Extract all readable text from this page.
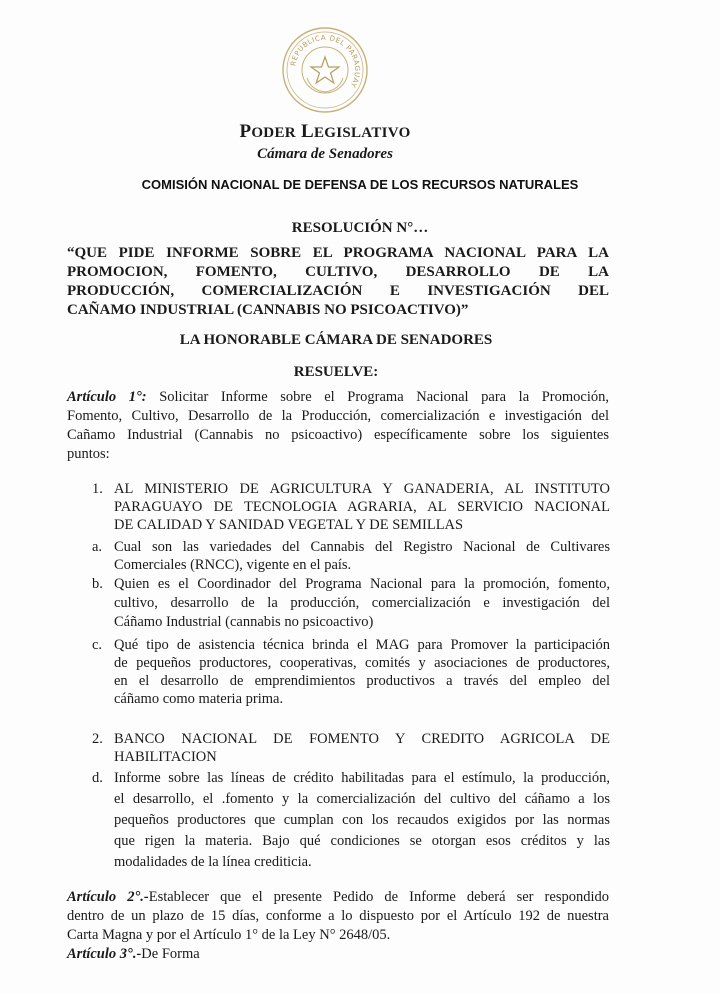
REPÚBLICA DEL PARAGUAY
PODER LEGISLATIVO
Cámara de Senadores
COMISIÓN NACIONAL DE DEFENSA DE LOS RECURSOS NATURALES
RESOLUCIÓN N°…
“QUE PIDE INFORME SOBRE EL PROGRAMA NACIONAL PARA LA
PROMOCION, FOMENTO, CULTIVO, DESARROLLO DE LA
PRODUCCIÓN, COMERCIALIZACIÓN E INVESTIGACIÓN DEL
CAÑAMO INDUSTRIAL (CANNABIS NO PSICOACTIVO)”
LA HONORABLE CÁMARA DE SENADORES
RESUELVE:
Artículo 1°: Solicitar Informe sobre el Programa Nacional para la Promoción,
Fomento, Cultivo, Desarrollo de la Producción, comercialización e investigación del
Cañamo Industrial (Cannabis no psicoactivo) específicamente sobre los siguientes
puntos:
1. AL MINISTERIO DE AGRICULTURA Y GANADERIA, AL INSTITUTO
PARAGUAYO DE TECNOLOGIA AGRARIA, AL SERVICIO NACIONAL
DE CALIDAD Y SANIDAD VEGETAL Y DE SEMILLAS
a. Cual son las variedades del Cannabis del Registro Nacional de Cultivares
Comerciales (RNCC), vigente en el país.
b. Quien es el Coordinador del Programa Nacional para la promoción, fomento,
cultivo, desarrollo de la producción, comercialización e investigación del
Cáñamo Industrial (cannabis no psicoactivo)
c. Qué tipo de asistencia técnica brinda el MAG para Promover la participación
de pequeños productores, cooperativas, comités y asociaciones de productores,
en el desarrollo de emprendimientos productivos a través del empleo del
cáñamo como materia prima.
2. BANCO NACIONAL DE FOMENTO Y CREDITO AGRICOLA DE
HABILITACION
d. Informe sobre las líneas de crédito habilitadas para el estímulo, la producción,
el desarrollo, el .fomento y la comercialización del cultivo del cáñamo a los
pequeños productores que cumplan con los recaudos exigidos por las normas
que rigen la materia. Bajo qué condiciones se otorgan esos créditos y las
modalidades de la línea crediticia.
Artículo 2°.-Establecer que el presente Pedido de Informe deberá ser respondido
dentro de un plazo de 15 días, conforme a lo dispuesto por el Artículo 192 de nuestra
Carta Magna y por el Artículo 1° de la Ley N° 2648/05.
Artículo 3°.-De Forma
